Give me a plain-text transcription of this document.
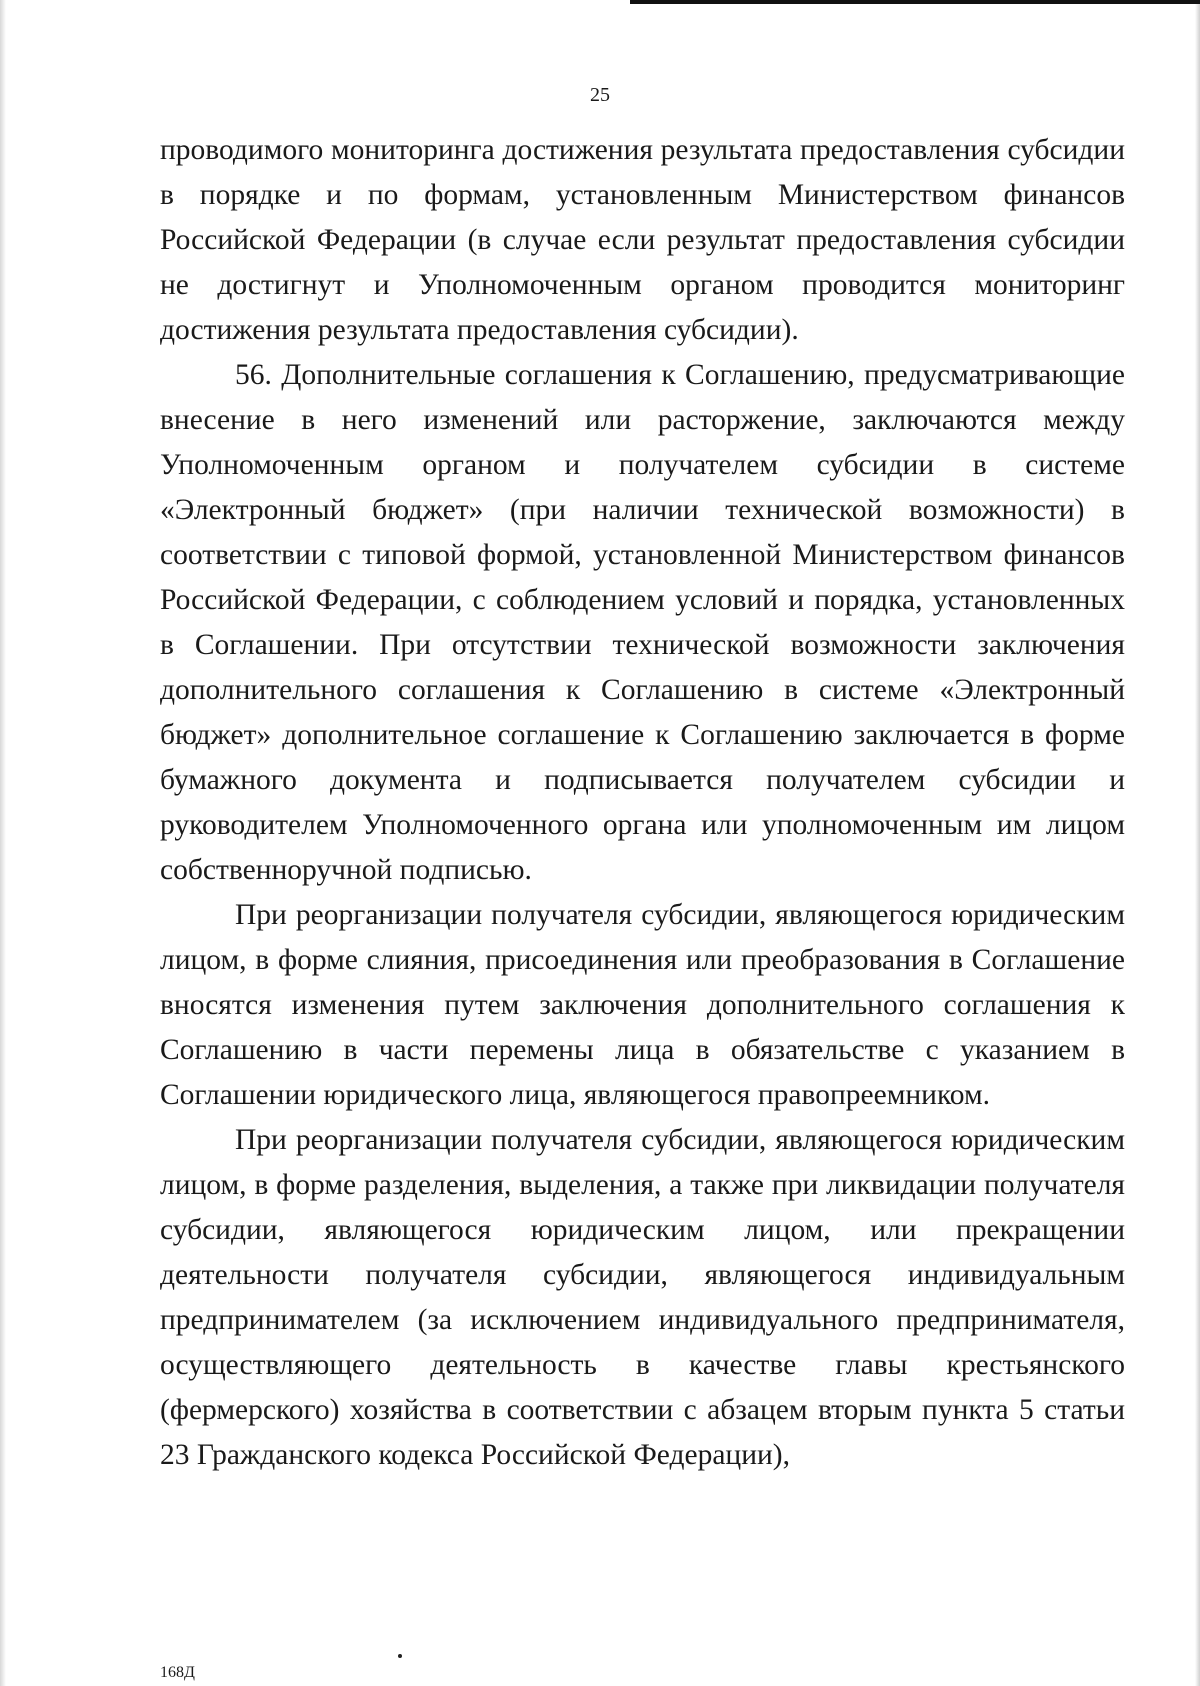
25

проводимого мониторинга достижения результата предоставления субсидии в порядке и по формам, установленным Министерством финансов Российской Федерации (в случае если результат предоставления субсидии не достигнут и Уполномоченным органом проводится мониторинг достижения результата предоставления субсидии).

56. Дополнительные соглашения к Соглашению, предусматривающие внесение в него изменений или расторжение, заключаются между Уполномоченным органом и получателем субсидии в системе «Электронный бюджет» (при наличии технической возможности) в соответствии с типовой формой, установленной Министерством финансов Российской Федерации, с соблюдением условий и порядка, установленных в Соглашении. При отсутствии технической возможности заключения дополнительного соглашения к Соглашению в системе «Электронный бюджет» дополнительное соглашение к Соглашению заключается в форме бумажного документа и подписывается получателем субсидии и руководителем Уполномоченного органа или уполномоченным им лицом собственноручной подписью.

При реорганизации получателя субсидии, являющегося юридическим лицом, в форме слияния, присоединения или преобразования в Соглашение вносятся изменения путем заключения дополнительного соглашения к Соглашению в части перемены лица в обязательстве с указанием в Соглашении юридического лица, являющегося правопреемником.

При реорганизации получателя субсидии, являющегося юридическим лицом, в форме разделения, выделения, а также при ликвидации получателя субсидии, являющегося юридическим лицом, или прекращении деятельности получателя субсидии, являющегося индивидуальным предпринимателем (за исключением индивидуального предпринимателя, осуществляющего деятельность в качестве главы крестьянского (фермерского) хозяйства в соответствии с абзацем вторым пункта 5 статьи 23 Гражданского кодекса Российской Федерации),

168Д
